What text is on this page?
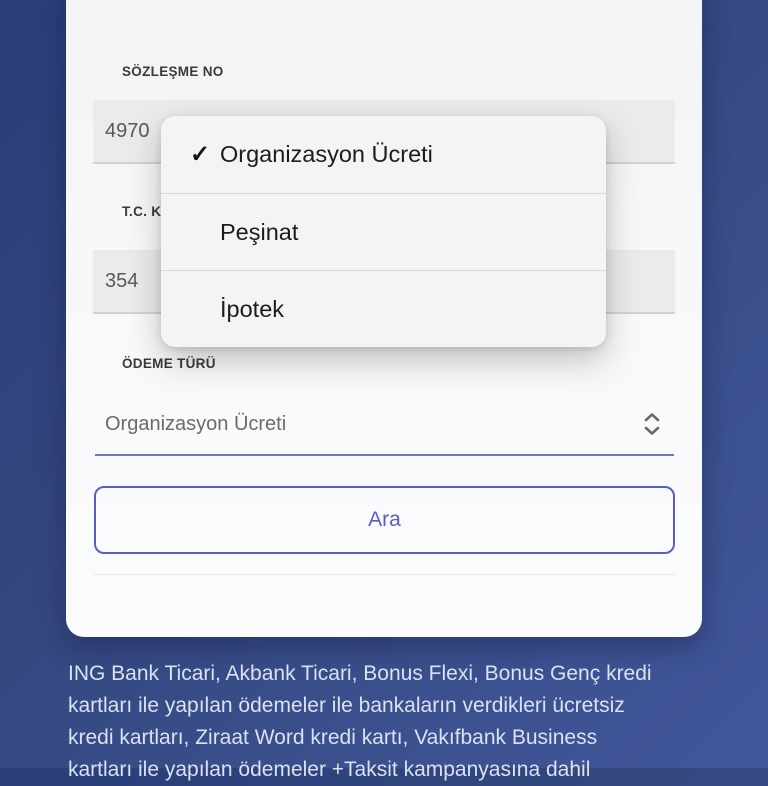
SÖZLEŞME NO
4970
T.C. K
354
ÖDEME TÜRÜ
Organizasyon Ücreti
Ara
✓ Organizasyon Ücreti
Peşinat
İpotek
ING Bank Ticari, Akbank Ticari, Bonus Flexi, Bonus Genç kredi
kartları ile yapılan ödemeler ile bankaların verdikleri ücretsiz
kredi kartları, Ziraat Word kredi kartı, Vakıfbank Business
kartları ile yapılan ödemeler +Taksit kampanyasına dahil
